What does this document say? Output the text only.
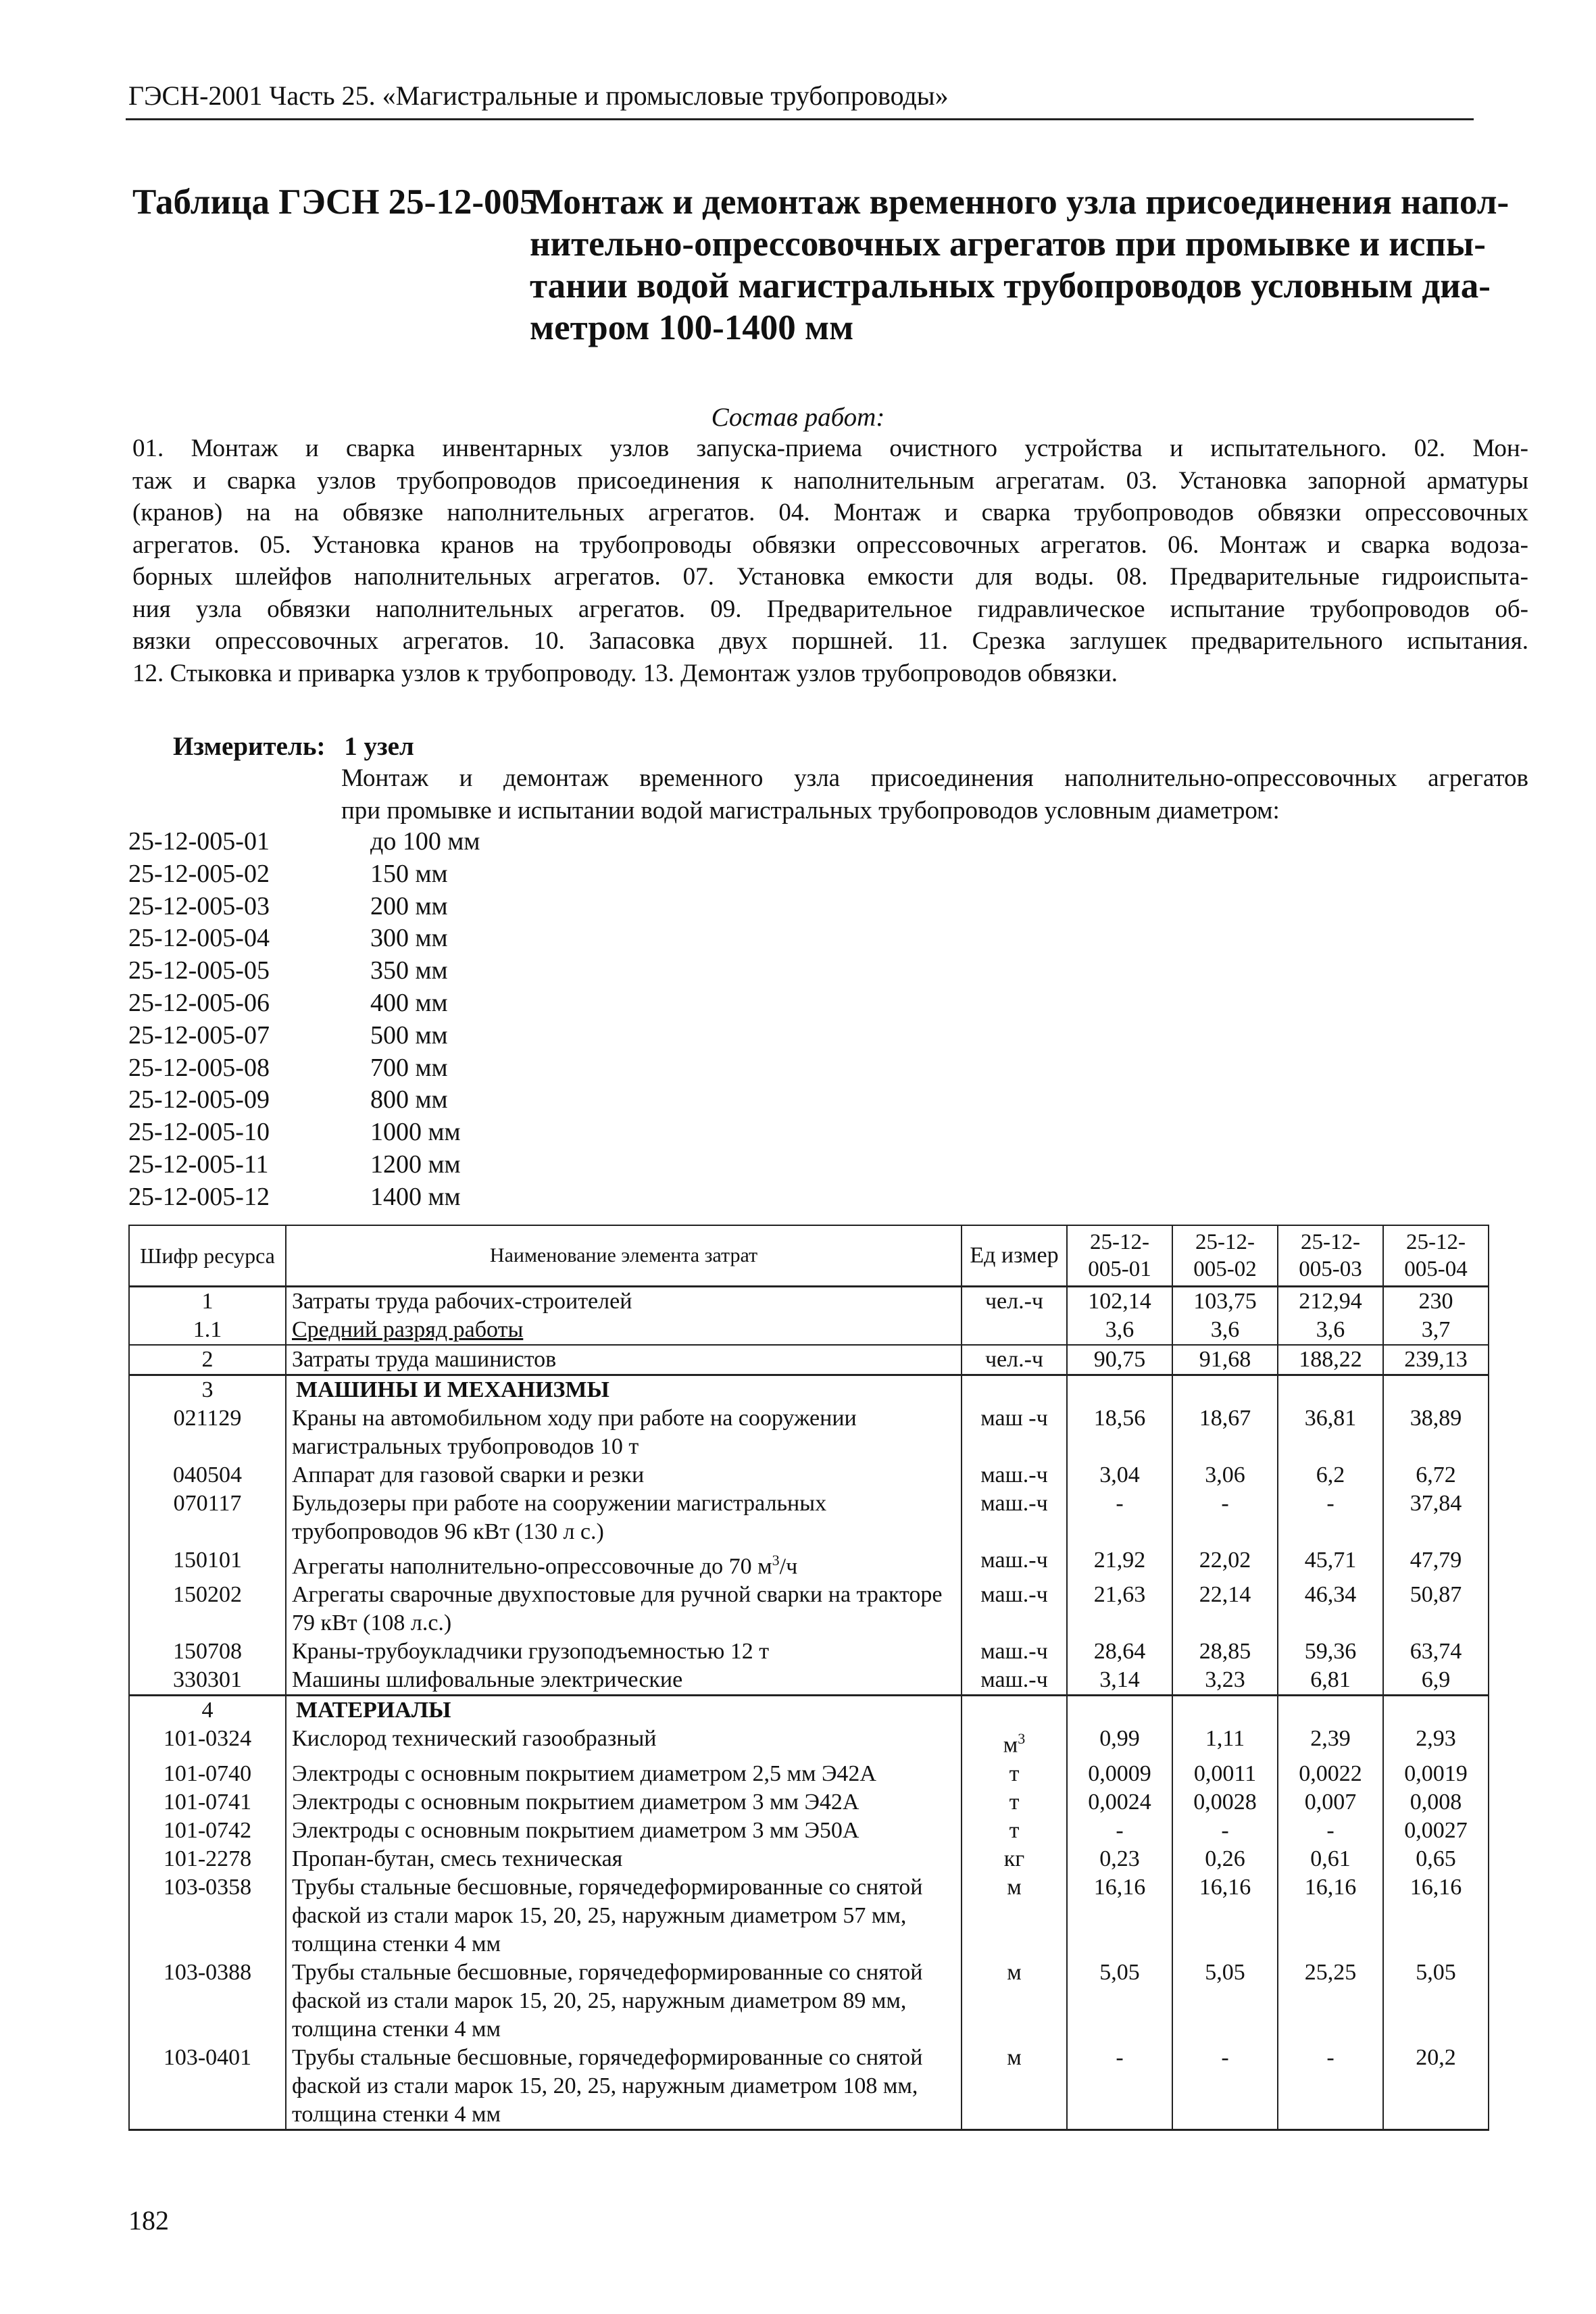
ГЭСН-2001 Часть 25. «Магистральные и промысловые трубопроводы»
Таблица ГЭСН 25-12-005
Монтаж и демонтаж временного узла присоединения напол-
нительно-опрессовочных агрегатов при промывке и испы-
тании водой магистральных трубопроводов условным диа-
метром 100-1400 мм
Состав работ:
01. Монтаж и сварка инвентарных узлов запуска-приема очистного устройства и испытательного. 02. Мон-
таж и сварка узлов трубопроводов присоединения к наполнительным агрегатам. 03. Установка запорной арматуры
(кранов) на на обвязке наполнительных агрегатов. 04. Монтаж и сварка трубопроводов обвязки опрессовочных
агрегатов. 05. Установка кранов на трубопроводы обвязки опрессовочных агрегатов. 06. Монтаж и сварка водоза-
борных шлейфов наполнительных агрегатов. 07. Установка емкости для воды. 08. Предварительные гидроиспыта-
ния узла обвязки наполнительных агрегатов. 09. Предварительное гидравлическое испытание трубопроводов об-
вязки опрессовочных агрегатов. 10. Запасовка двух поршней. 11. Срезка заглушек предварительного испытания.
12. Стыковка и приварка узлов к трубопроводу. 13. Демонтаж узлов трубопроводов обвязки.
Измеритель: 1 узел
Монтаж и демонтаж временного узла присоединения наполнительно-опрессовочных агрегатов
при промывке и испытании водой магистральных трубопроводов условным диаметром:
25-12-005-01	до 100 мм
25-12-005-02	150 мм
25-12-005-03	200 мм
25-12-005-04	300 мм
25-12-005-05	350 мм
25-12-005-06	400 мм
25-12-005-07	500 мм
25-12-005-08	700 мм
25-12-005-09	800 мм
25-12-005-10	1000 мм
25-12-005-11	1200 мм
25-12-005-12	1400 мм
Шифр ресурса	Наименование элемента затрат	Ед измер	25-12-
005-01	25-12-
005-02	25-12-
005-03	25-12-
005-04
1	Затраты труда рабочих-строителей	чел.-ч	102,14	103,75	212,94	230
1.1	Средний разряд работы		3,6	3,6	3,6	3,7
2	Затраты труда машинистов	чел.-ч	90,75	91,68	188,22	239,13
3	МАШИНЫ И МЕХАНИЗМЫ					
021129	Краны на автомобильном ходу при работе на сооружении магистральных трубопроводов 10 т	маш -ч	18,56	18,67	36,81	38,89
040504	Аппарат для газовой сварки и резки	маш.-ч	3,04	3,06	6,2	6,72
070117	Бульдозеры при работе на сооружении магистральных трубопроводов 96 кВт (130 л с.)	маш.-ч	-	-	-	37,84
150101	Агрегаты наполнительно-опрессовочные до 70 $м^3/ч$	маш.-ч	21,92	22,02	45,71	47,79
150202	Агрегаты сварочные двухпостовые для ручной сварки на тракторе 79 кВт (108 л.с.)	маш.-ч	21,63	22,14	46,34	50,87
150708	Краны-трубоукладчики грузоподъемностью 12 т	маш.-ч	28,64	28,85	59,36	63,74
330301	Машины шлифовальные электрические	маш.-ч	3,14	3,23	6,81	6,9
4	МАТЕРИАЛЫ					
101-0324	Кислород технический газообразный	$м^3$	0,99	1,11	2,39	2,93
101-0740	Электроды с основным покрытием диаметром 2,5 мм Э42А	т	0,0009	0,0011	0,0022	0,0019
101-0741	Электроды с основным покрытием диаметром 3 мм Э42А	т	0,0024	0,0028	0,007	0,008
101-0742	Электроды с основным покрытием диаметром 3 мм Э50А	т	-	-	-	0,0027
101-2278	Пропан-бутан, смесь техническая	кг	0,23	0,26	0,61	0,65
103-0358	Трубы стальные бесшовные, горячедеформированные со снятой фаской из стали марок 15, 20, 25, наружным диаметром 57 мм, толщина стенки 4 мм	м	16,16	16,16	16,16	16,16
103-0388	Трубы стальные бесшовные, горячедеформированные со снятой фаской из стали марок 15, 20, 25, наружным диаметром 89 мм, толщина стенки 4 мм	м	5,05	5,05	25,25	5,05
103-0401	Трубы стальные бесшовные, горячедеформированные со снятой фаской из стали марок 15, 20, 25, наружным диаметром 108 мм, толщина стенки 4 мм	м	-	-	-	20,2
182
